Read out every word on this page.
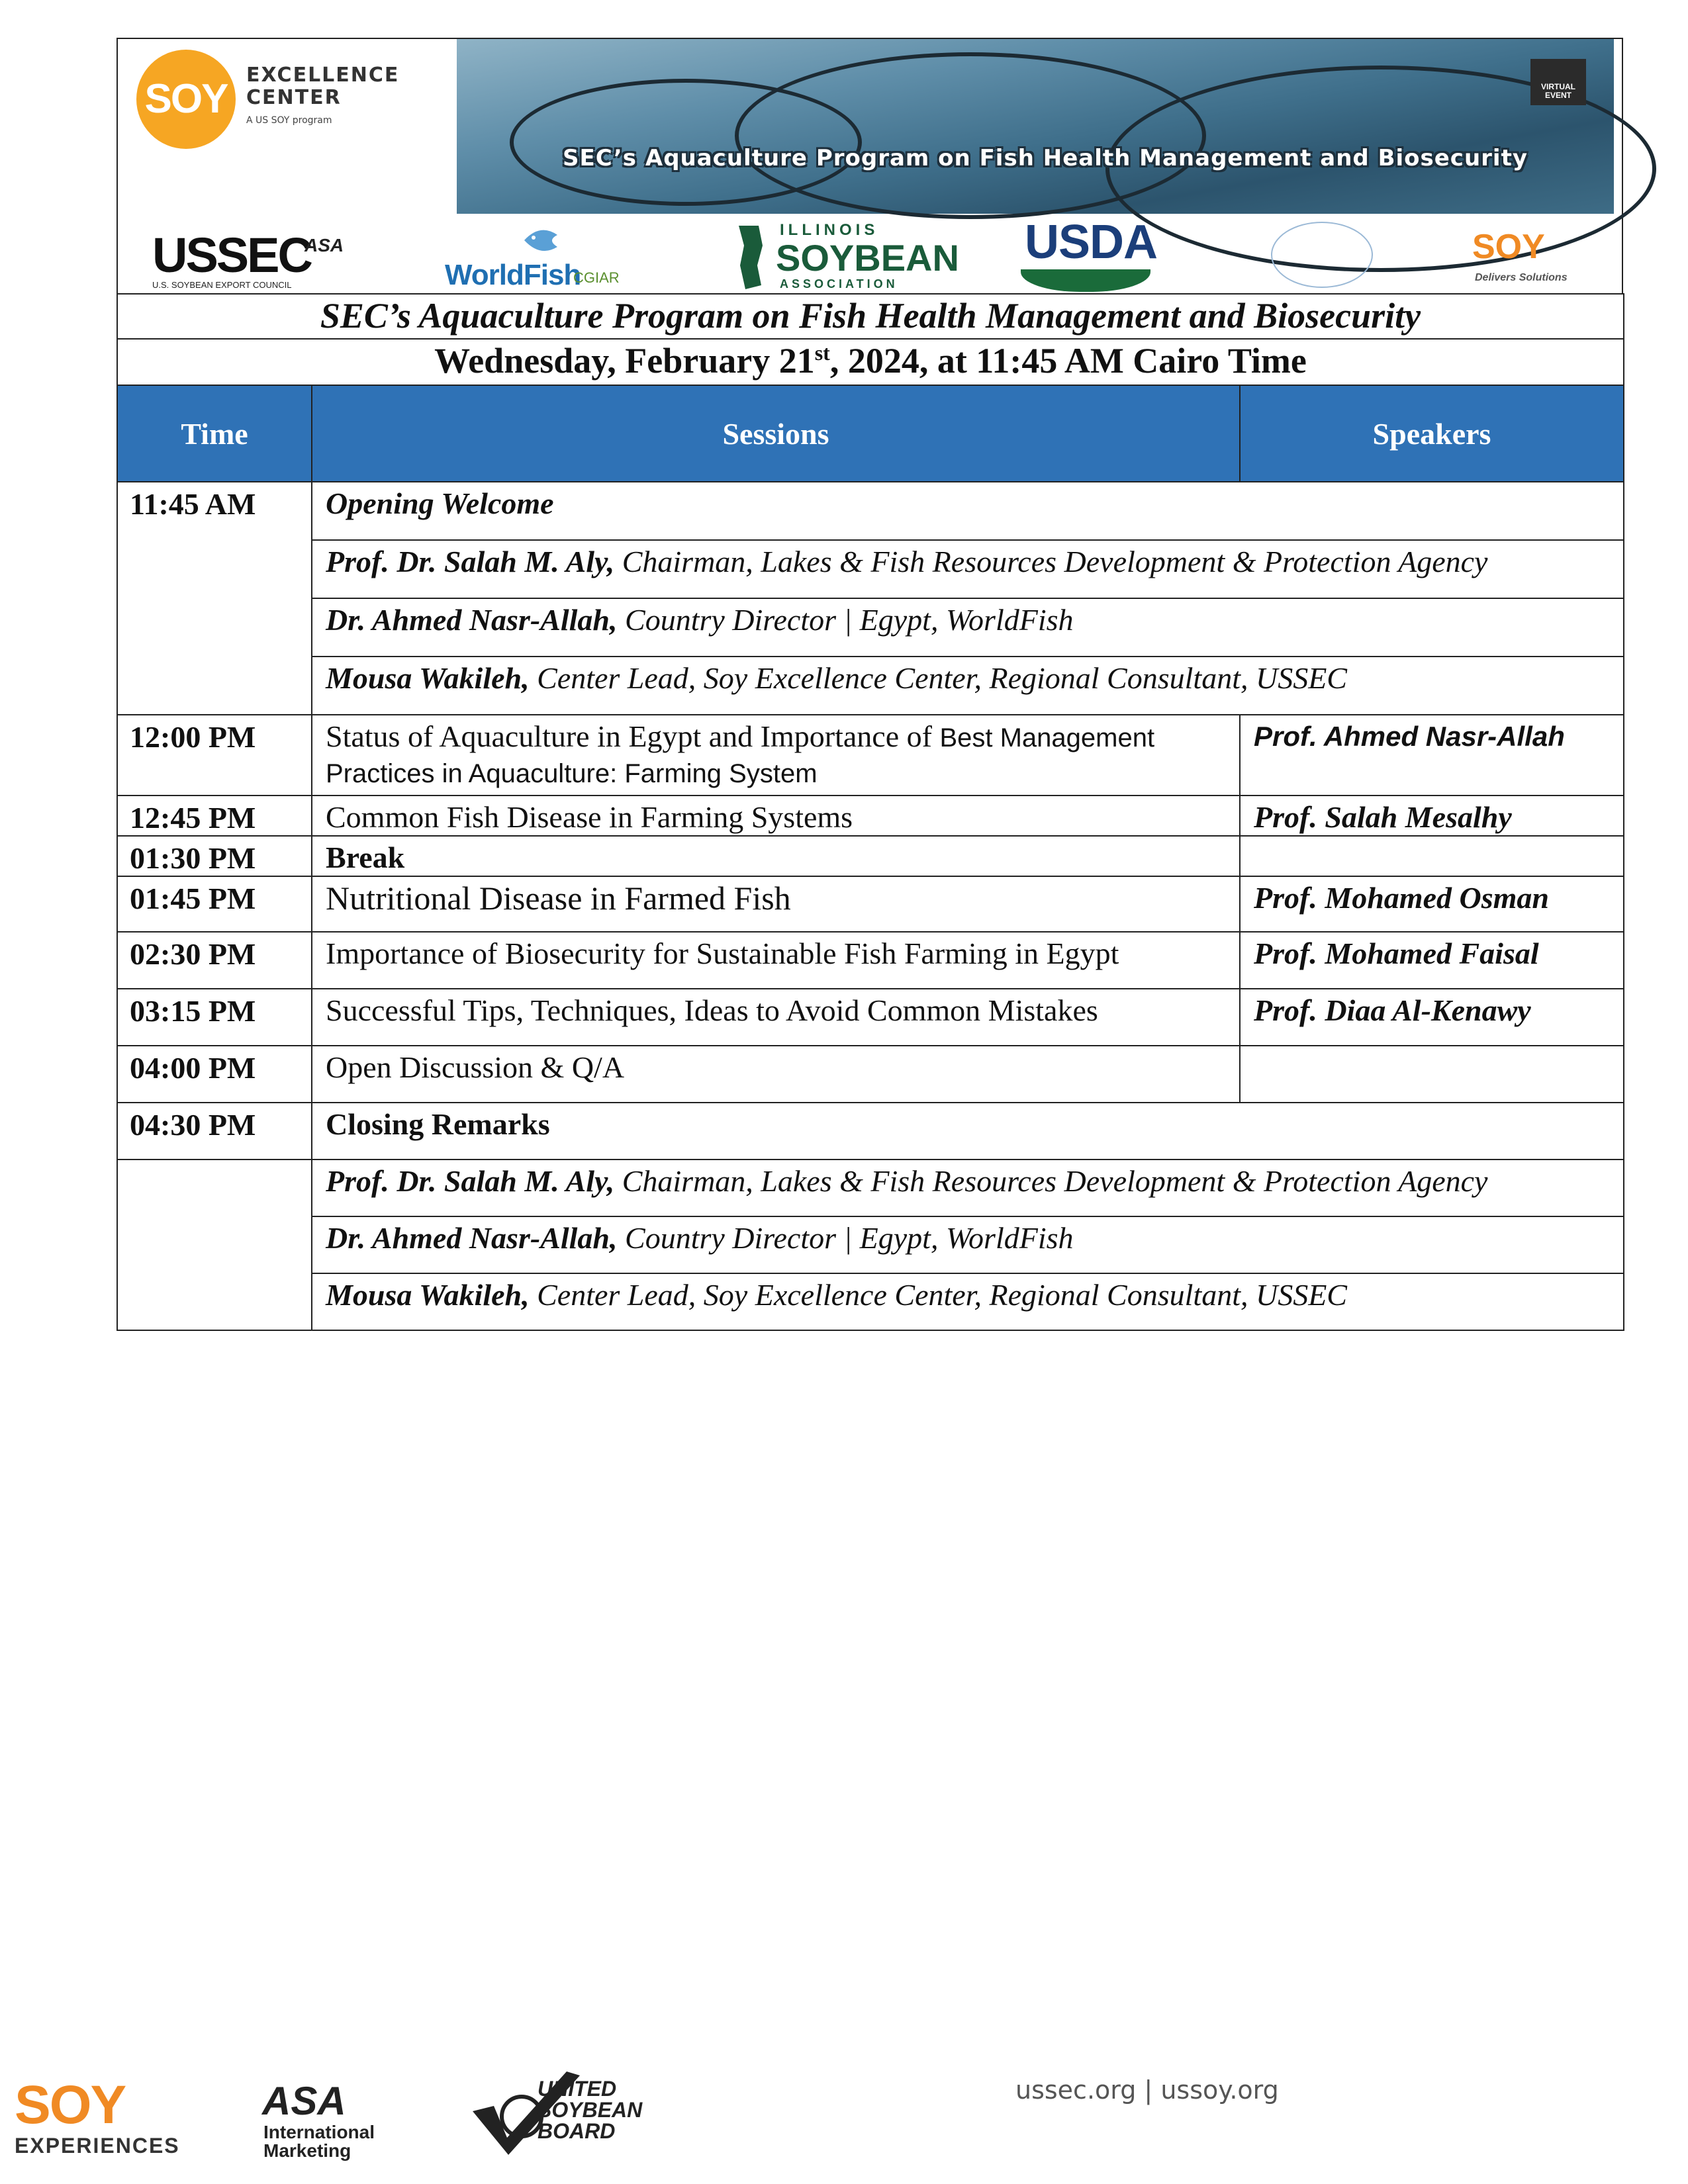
SOY
EXCELLENCE
CENTER
A US SOY program
SEC’s Aquaculture Program on Fish Health Management and Biosecurity
VIRTUAL EVENT
USSEC
U.S. SOYBEAN EXPORT COUNCIL
ASA
WorldFish
CGIAR
ILLINOIS
SOYBEAN
ASSOCIATION
USDA	SOY
Delivers Solutions
SEC’s Aquaculture Program on Fish Health Management and Biosecurity		
Wednesday, February 21st, 2024, at 11:45 AM Cairo Time		
Time	Sessions	Speakers
11:45 AM	Opening Welcome	
	Prof. Dr. Salah M. Aly, Chairman, Lakes & Fish Resources Development & Protection Agency	
	Dr. Ahmed Nasr-Allah, Country Director | Egypt, WorldFish	
	Mousa Wakileh, Center Lead, Soy Excellence Center, Regional Consultant, USSEC	
12:00 PM	Status of Aquaculture in Egypt and Importance of Best Management Practices in Aquaculture: Farming System	Prof. Ahmed Nasr-Allah
12:45 PM	Common Fish Disease in Farming Systems	Prof. Salah Mesalhy
01:30 PM	Break	
01:45 PM	Nutritional Disease in Farmed Fish	Prof. Mohamed Osman
02:30 PM	Importance of Biosecurity for Sustainable Fish Farming in Egypt	Prof. Mohamed Faisal
03:15 PM	Successful Tips, Techniques, Ideas to Avoid Common Mistakes	Prof. Diaa Al-Kenawy
04:00 PM	Open Discussion & Q/A	
04:30 PM	Closing Remarks	
	Prof. Dr. Salah M. Aly, Chairman, Lakes & Fish Resources Development & Protection Agency	
	Dr. Ahmed Nasr-Allah, Country Director | Egypt, WorldFish	
	Mousa Wakileh, Center Lead, Soy Excellence Center, Regional Consultant, USSEC	
SOY
EXPERIENCES
ASA
International
Marketing
UNITED
SOYBEAN
BOARD
ussec.org | ussoy.org
